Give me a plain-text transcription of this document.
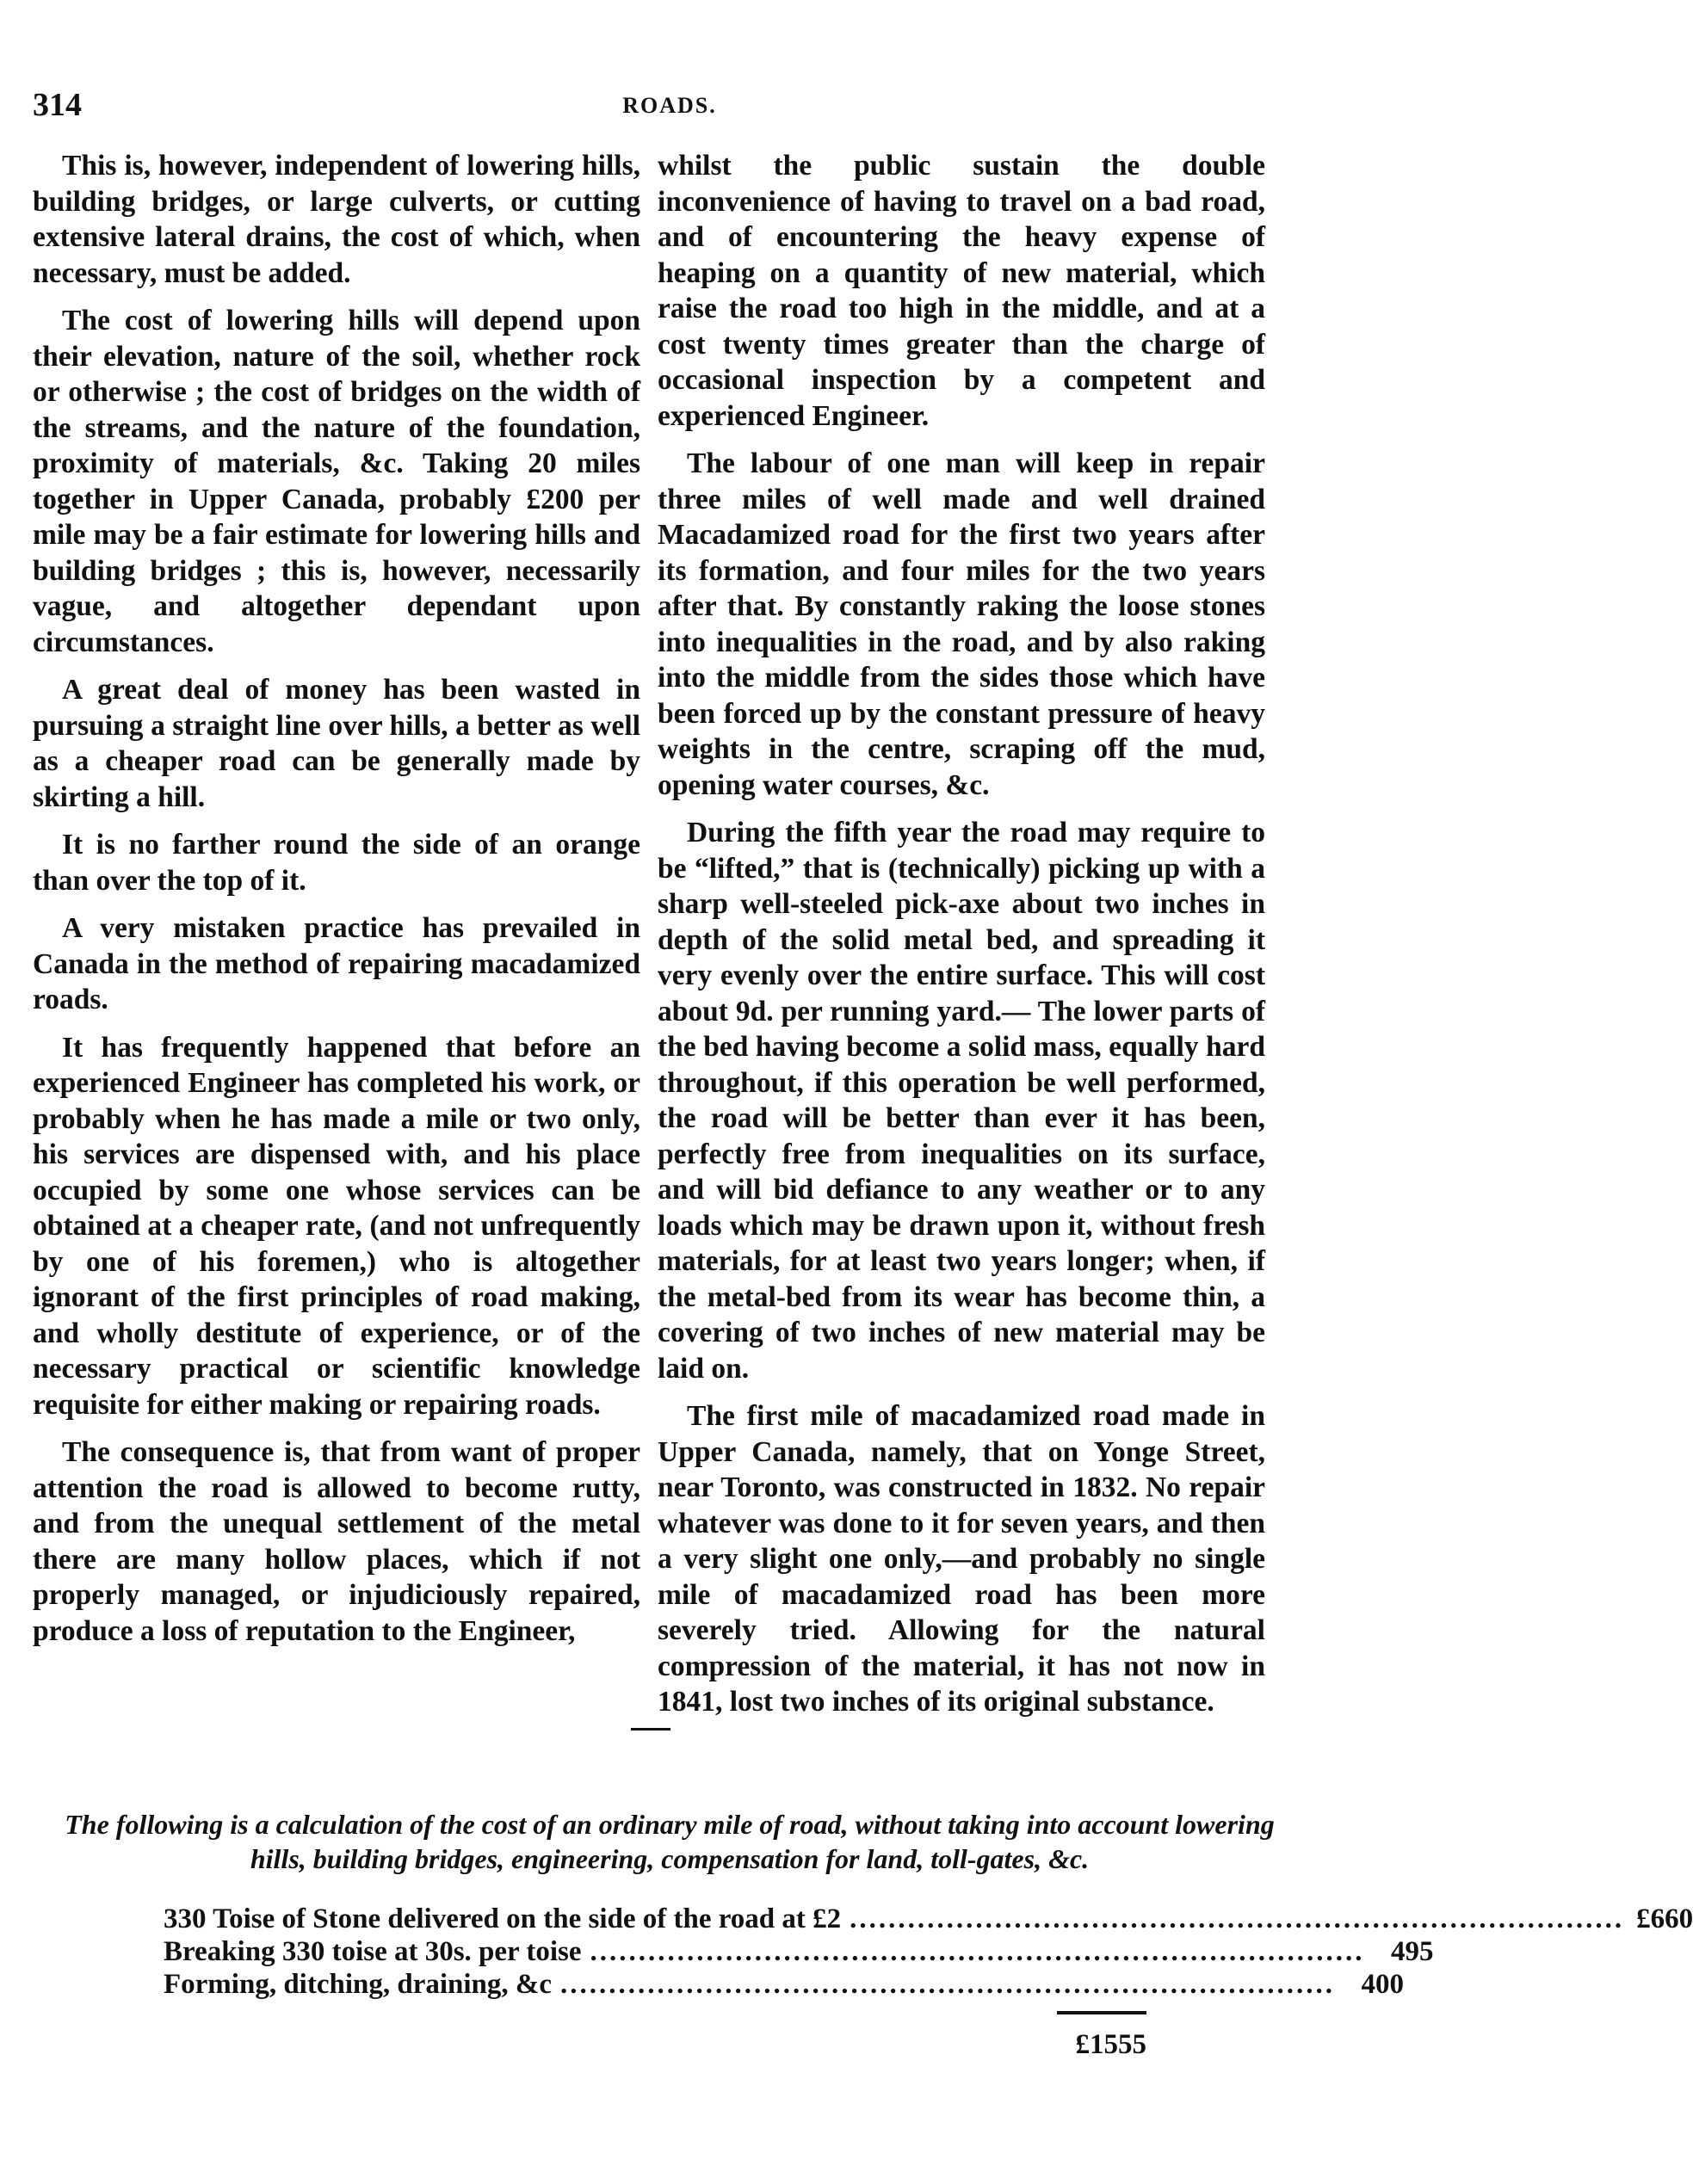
314	ROADS.

This is, however, independent of lowering hills, building bridges, or large culverts, or cutting extensive lateral drains, the cost of which, when necessary, must be added.

The cost of lowering hills will depend upon their elevation, nature of the soil, whether rock or otherwise ; the cost of bridges on the width of the streams, and the nature of the foundation, proximity of materials, &c. Taking 20 miles together in Upper Canada, probably £200 per mile may be a fair estimate for lowering hills and building bridges ; this is, however, necessarily vague, and altogether dependant upon circumstances.

A great deal of money has been wasted in pursuing a straight line over hills, a better as well as a cheaper road can be generally made by skirting a hill.

It is no farther round the side of an orange than over the top of it.

A very mistaken practice has prevailed in Canada in the method of repairing macadamized roads.

It has frequently happened that before an experienced Engineer has completed his work, or probably when he has made a mile or two only, his services are dispensed with, and his place occupied by some one whose services can be obtained at a cheaper rate, (and not unfrequently by one of his foremen,) who is altogether ignorant of the first principles of road making, and wholly destitute of experience, or of the necessary practical or scientific knowledge requisite for either making or repairing roads.

The consequence is, that from want of proper attention the road is allowed to become rutty, and from the unequal settlement of the metal there are many hollow places, which if not properly managed, or injudiciously repaired, produce a loss of reputation to the Engineer,

whilst the public sustain the double inconvenience of having to travel on a bad road, and of encountering the heavy expense of heaping on a quantity of new material, which raise the road too high in the middle, and at a cost twenty times greater than the charge of occasional inspection by a competent and experienced Engineer.

The labour of one man will keep in repair three miles of well made and well drained Macadamized road for the first two years after its formation, and four miles for the two years after that. By constantly raking the loose stones into inequalities in the road, and by also raking into the middle from the sides those which have been forced up by the constant pressure of heavy weights in the centre, scraping off the mud, opening water courses, &c.

During the fifth year the road may require to be “lifted,” that is (technically) picking up with a sharp well-steeled pick-axe about two inches in depth of the solid metal bed, and spreading it very evenly over the entire surface. This will cost about 9d. per running yard.— The lower parts of the bed having become a solid mass, equally hard throughout, if this operation be well performed, the road will be better than ever it has been, perfectly free from inequalities on its surface, and will bid defiance to any weather or to any loads which may be drawn upon it, without fresh materials, for at least two years longer; when, if the metal-bed from its wear has become thin, a covering of two inches of new material may be laid on.

The first mile of macadamized road made in Upper Canada, namely, that on Yonge Street, near Toronto, was constructed in 1832. No repair whatever was done to it for seven years, and then a very slight one only,—and probably no single mile of macadamized road has been more severely tried. Allowing for the natural compression of the material, it has not now in 1841, lost two inches of its original substance.

The following is a calculation of the cost of an ordinary mile of road, without taking into account lowering hills, building bridges, engineering, compensation for land, toll-gates, &c.
330 Toise of Stone delivered on the side of the road at £2 ................................................................................ £660
Breaking 330 toise at 30s. per toise ................................................................................ 495
Forming, ditching, draining, &c ................................................................................ 400
£1555
